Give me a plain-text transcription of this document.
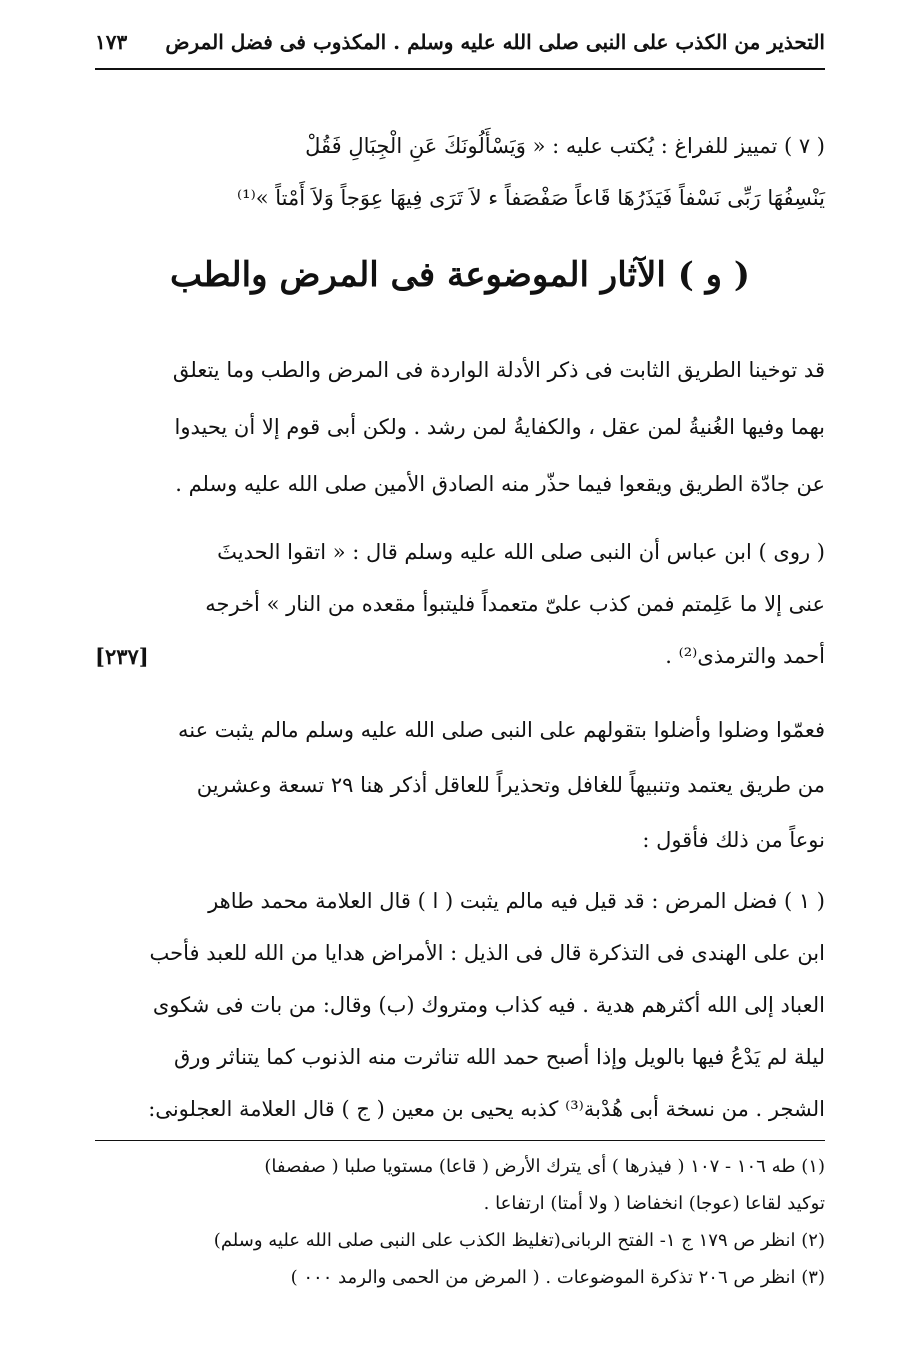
التحذير من الكذب على النبى صلى الله عليه وسلم . المكذوب فى فضل المرض
١٧٣
( ٧ ) تمييز للفراغ : يُكتب عليه : « وَيَسْأَلُونَكَ عَنِ الْجِبَالِ فَقُلْ
يَنْسِفُهَا رَبِّى نَسْفاً فَيَذَرُهَا قَاعاً صَفْصَفاً ء لاَ تَرَى فِيهَا عِوَجاً وَلاَ أَمْتاً »⁽¹⁾
( و ) الآثار الموضوعة فى المرض والطب
قد توخينا الطريق الثابت فى ذكر الأدلة الواردة فى المرض والطب وما يتعلق
بهما وفيها الغُنيةُ لمن عقل ، والكفايةُ لمن رشد . ولكن أبى قوم إلا أن يحيدوا
عن جادّة الطريق ويقعوا فيما حذّر منه الصادق الأمين صلى الله عليه وسلم .
( روى ) ابن عباس أن النبى صلى الله عليه وسلم قال : « اتقوا الحديثَ
عنى إلا ما عَلِمتم فمن كذب علىّ متعمداً فليتبوأ مقعده من النار » أخرجه
أحمد والترمذى⁽²⁾ .
[٢٣٧]
فعمّوا وضلوا وأضلوا بتقولهم على النبى صلى الله عليه وسلم مالم يثبت عنه
من طريق يعتمد وتنبيهاً للغافل وتحذيراً للعاقل أذكر هنا ٢٩ تسعة وعشرين
نوعاً من ذلك فأقول :
( ١ ) فضل المرض : قد قيل فيه مالم يثبت ( ا ) قال العلامة محمد طاهر
ابن على الهندى فى التذكرة قال فى الذيل : الأمراض هدايا من الله للعبد فأحب
العباد إلى الله أكثرهم هدية . فيه كذاب ومتروك (ب) وقال: من بات فى شكوى
ليلة لم يَدْعُ فيها بالويل وإذا أصبح حمد الله تناثرت منه الذنوب كما يتناثر ورق
الشجر . من نسخة أبى هُدْبة⁽³⁾ كذبه يحيى بن معين ( ج ) قال العلامة العجلونى:
(١) طه ١٠٦ - ١٠٧ ( فيذرها ) أى يترك الأرض ( قاعا) مستويا صلبا ( صفصفا)
توكيد لقاعا (عوجا) انخفاضا ( ولا أمتا) ارتفاعا .
(٢) انظر ص ١٧٩ ج ١- الفتح الربانى(تغليظ الكذب على النبى صلى الله عليه وسلم)
(٣) انظر ص ٢٠٦ تذكرة الموضوعات . ( المرض من الحمى والرمد ٠٠٠ )
